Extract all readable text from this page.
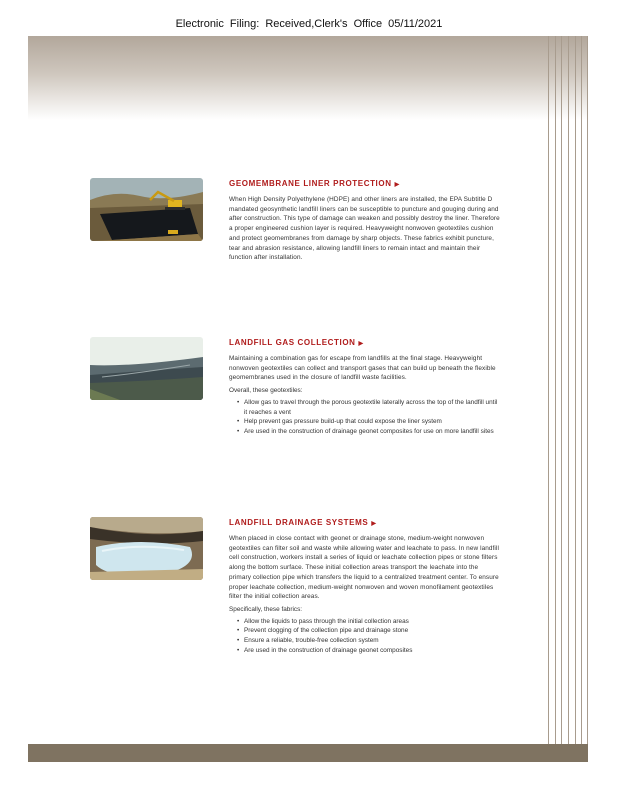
Electronic Filing: Received,Clerk's Office 05/11/2021
GEOMEMBRANE LINER PROTECTION ▶

When High Density Polyethylene (HDPE) and other liners are installed, the EPA Subtitle D mandated geosynthetic landfill liners can be susceptible to puncture and gouging during and after construction. This type of damage can weaken and possibly destroy the liner. Therefore a proper engineered cushion layer is required. Heavyweight nonwoven geotextiles cushion and protect geomembranes from damage by sharp objects. These fabrics exhibit puncture, tear and abrasion resistance, allowing landfill liners to remain intact and maintain their function after installation.

LANDFILL GAS COLLECTION ▶

Maintaining a combination gas for escape from landfills at the final stage. Heavyweight nonwoven geotextiles can collect and transport gases that can build up beneath the flexible geomembranes used in the closure of landfill waste facilities.

Overall, these geotextiles:

• Allow gas to travel through the porous geotextile laterally across the top of the landfill until it reaches a vent
• Help prevent gas pressure build-up that could expose the liner system
• Are used in the construction of drainage geonet composites for use on more landfill sites
LANDFILL DRAINAGE SYSTEMS ▶

When placed in close contact with geonet or drainage stone, medium-weight nonwoven geotextiles can filter soil and waste while allowing water and leachate to pass. In new landfill cell construction, workers install a series of liquid or leachate collection pipes or stone filters along the bottom surface. These initial collection areas transport the leachate into the primary collection pipe which transfers the liquid to a centralized treatment center. To ensure proper leachate collection, medium-weight nonwoven and woven monofilament geotextiles filter the initial collection areas.

Specifically, these fabrics:

• Allow the liquids to pass through the initial collection areas
• Prevent clogging of the collection pipe and drainage stone
• Ensure a reliable, trouble-free collection system
• Are used in the construction of drainage geonet composites
